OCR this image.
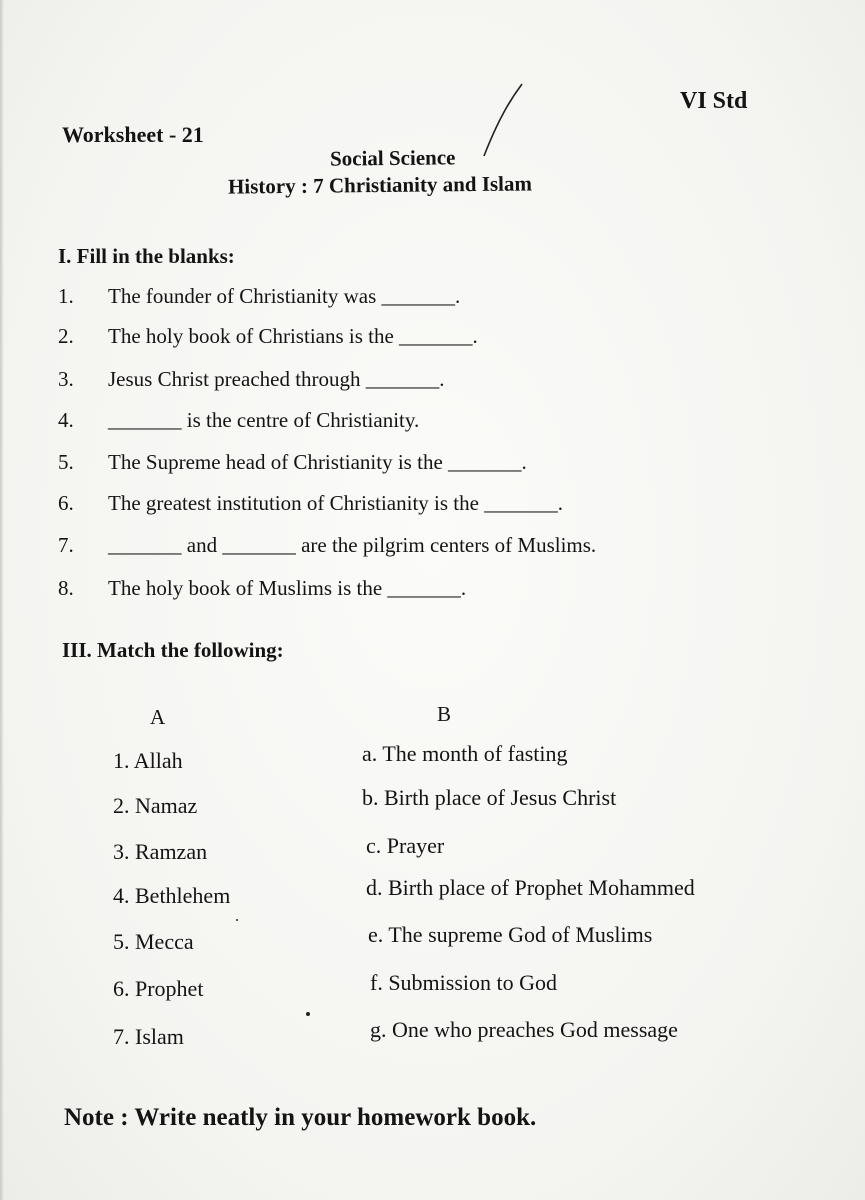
VI Std
Worksheet - 21
Social Science
History : 7 Christianity and Islam
I. Fill in the blanks:
1. The founder of Christianity was _______.
2. The holy book of Christians is the _______.
3. Jesus Christ preached through _______.
4. _______ is the centre of Christianity.
5. The Supreme head of Christianity is the _______.
6. The greatest institution of Christianity is the _______.
7. _______ and _______ are the pilgrim centers of Muslims.
8. The holy book of Muslims is the _______.
III. Match the following:
A	B
1. Allah
2. Namaz
3. Ramzan
4. Bethlehem
5. Mecca
6. Prophet
7. Islam
a. The month of fasting
b. Birth place of Jesus Christ
c. Prayer
d. Birth place of Prophet Mohammed
e. The supreme God of Muslims
f. Submission to God
g. One who preaches God message
Note : Write neatly in your homework book.
